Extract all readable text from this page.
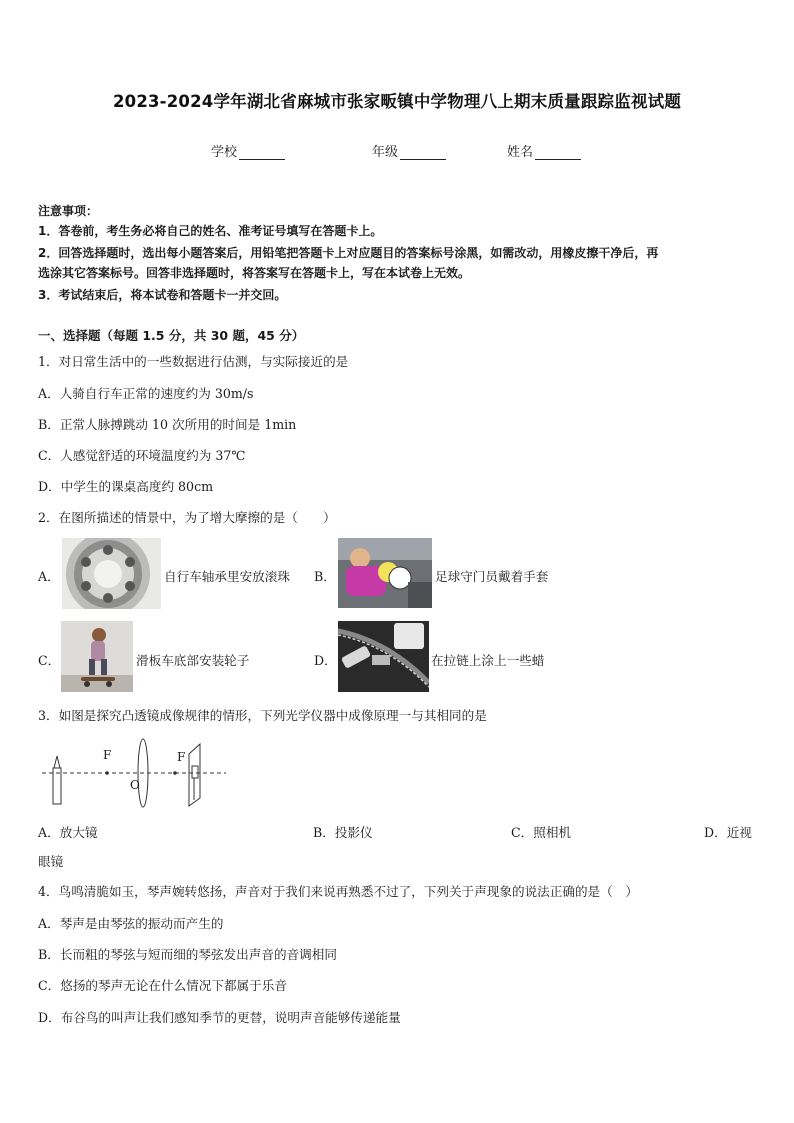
2023-2024学年湖北省麻城市张家畈镇中学物理八上期末质量跟踪监视试题
学校	年级	姓名
注意事项：
1．答卷前，考生务必将自己的姓名、准考证号填写在答题卡上。
2．回答选择题时，选出每小题答案后，用铅笔把答题卡上对应题目的答案标号涂黑，如需改动，用橡皮擦干净后，再
选涂其它答案标号。回答非选择题时，将答案写在答题卡上，写在本试卷上无效。
3．考试结束后，将本试卷和答题卡一并交回。
一、选择题（每题 1.5 分，共 30 题，45 分）
1．对日常生活中的一些数据进行估测，与实际接近的是
A．人骑自行车正常的速度约为 30m/s
B．正常人脉搏跳动 10 次所用的时间是 1min
C．人感觉舒适的环境温度约为 37℃
D．中学生的课桌高度约 80cm
2．在图所描述的情景中，为了增大摩擦的是（　　）
A．	自行车轴承里安放滚珠 B．	足球守门员戴着手套
C．	滑板车底部安装轮子	D．	在拉链上涂上一些蜡
3．如图是探究凸透镜成像规律的情形，下列光学仪器中成像原理一与其相同的是
F
O
F
A．放大镜	B．投影仪	C．照相机	D．近视
眼镜
4．鸟鸣清脆如玉，琴声婉转悠扬，声音对于我们来说再熟悉不过了，下列关于声现象的说法正确的是（　）
A．琴声是由琴弦的振动而产生的
B．长而粗的琴弦与短而细的琴弦发出声音的音调相同
C．悠扬的琴声无论在什么情况下都属于乐音
D．布谷鸟的叫声让我们感知季节的更替，说明声音能够传递能量
